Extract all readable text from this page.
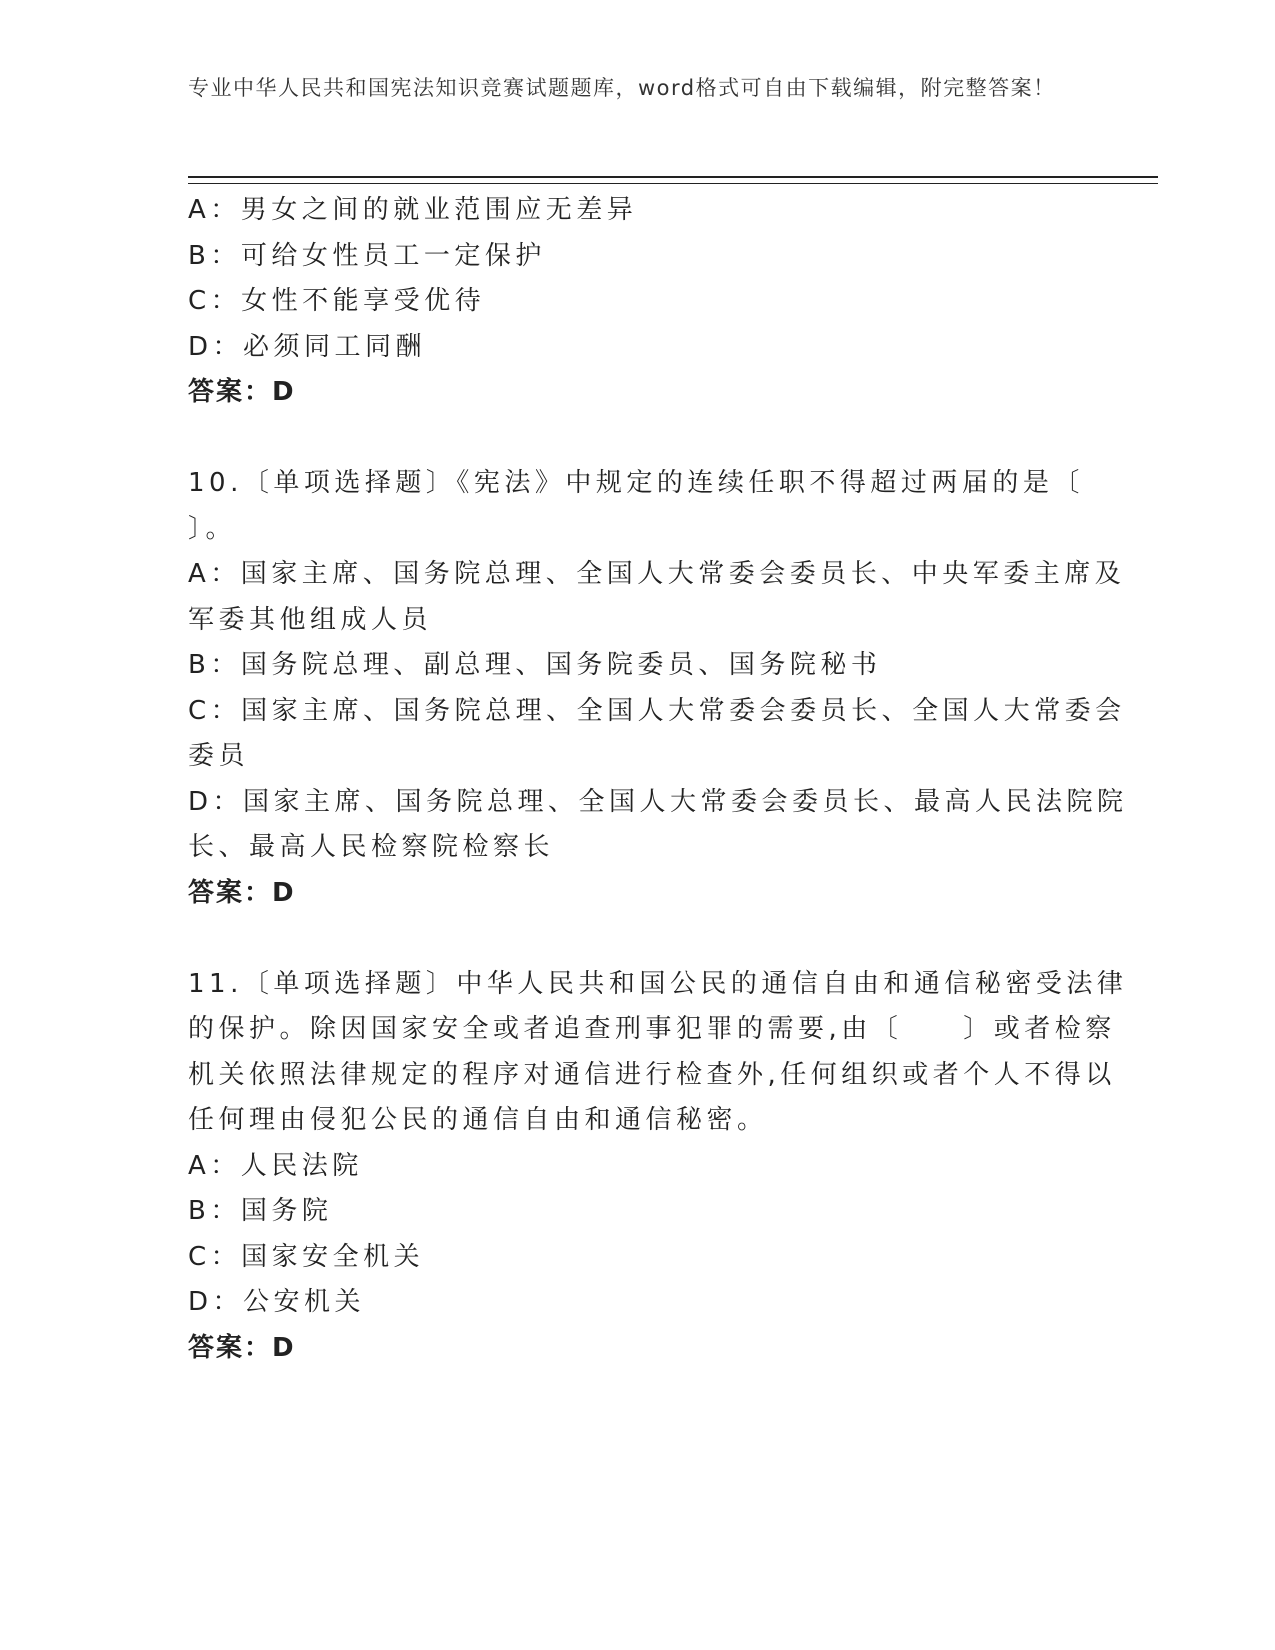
专业中华人民共和国宪法知识竞赛试题题库，word格式可自由下载编辑，附完整答案！
A：男女之间的就业范围应无差异
B：可给女性员工一定保护
C：女性不能享受优待
D：必须同工同酬
答案：D
10.〔单项选择题〕《宪法》中规定的连续任职不得超过两届的是〔
〕。
A：国家主席、国务院总理、全国人大常委会委员长、中央军委主席及
军委其他组成人员
B：国务院总理、副总理、国务院委员、国务院秘书
C：国家主席、国务院总理、全国人大常委会委员长、全国人大常委会
委员
D：国家主席、国务院总理、全国人大常委会委员长、最高人民法院院
长、最高人民检察院检察长
答案：D
11.〔单项选择题〕中华人民共和国公民的通信自由和通信秘密受法律
的保护。除因国家安全或者追查刑事犯罪的需要,由〔　　〕或者检察
机关依照法律规定的程序对通信进行检查外,任何组织或者个人不得以
任何理由侵犯公民的通信自由和通信秘密。
A：人民法院
B：国务院
C：国家安全机关
D：公安机关
答案：D
